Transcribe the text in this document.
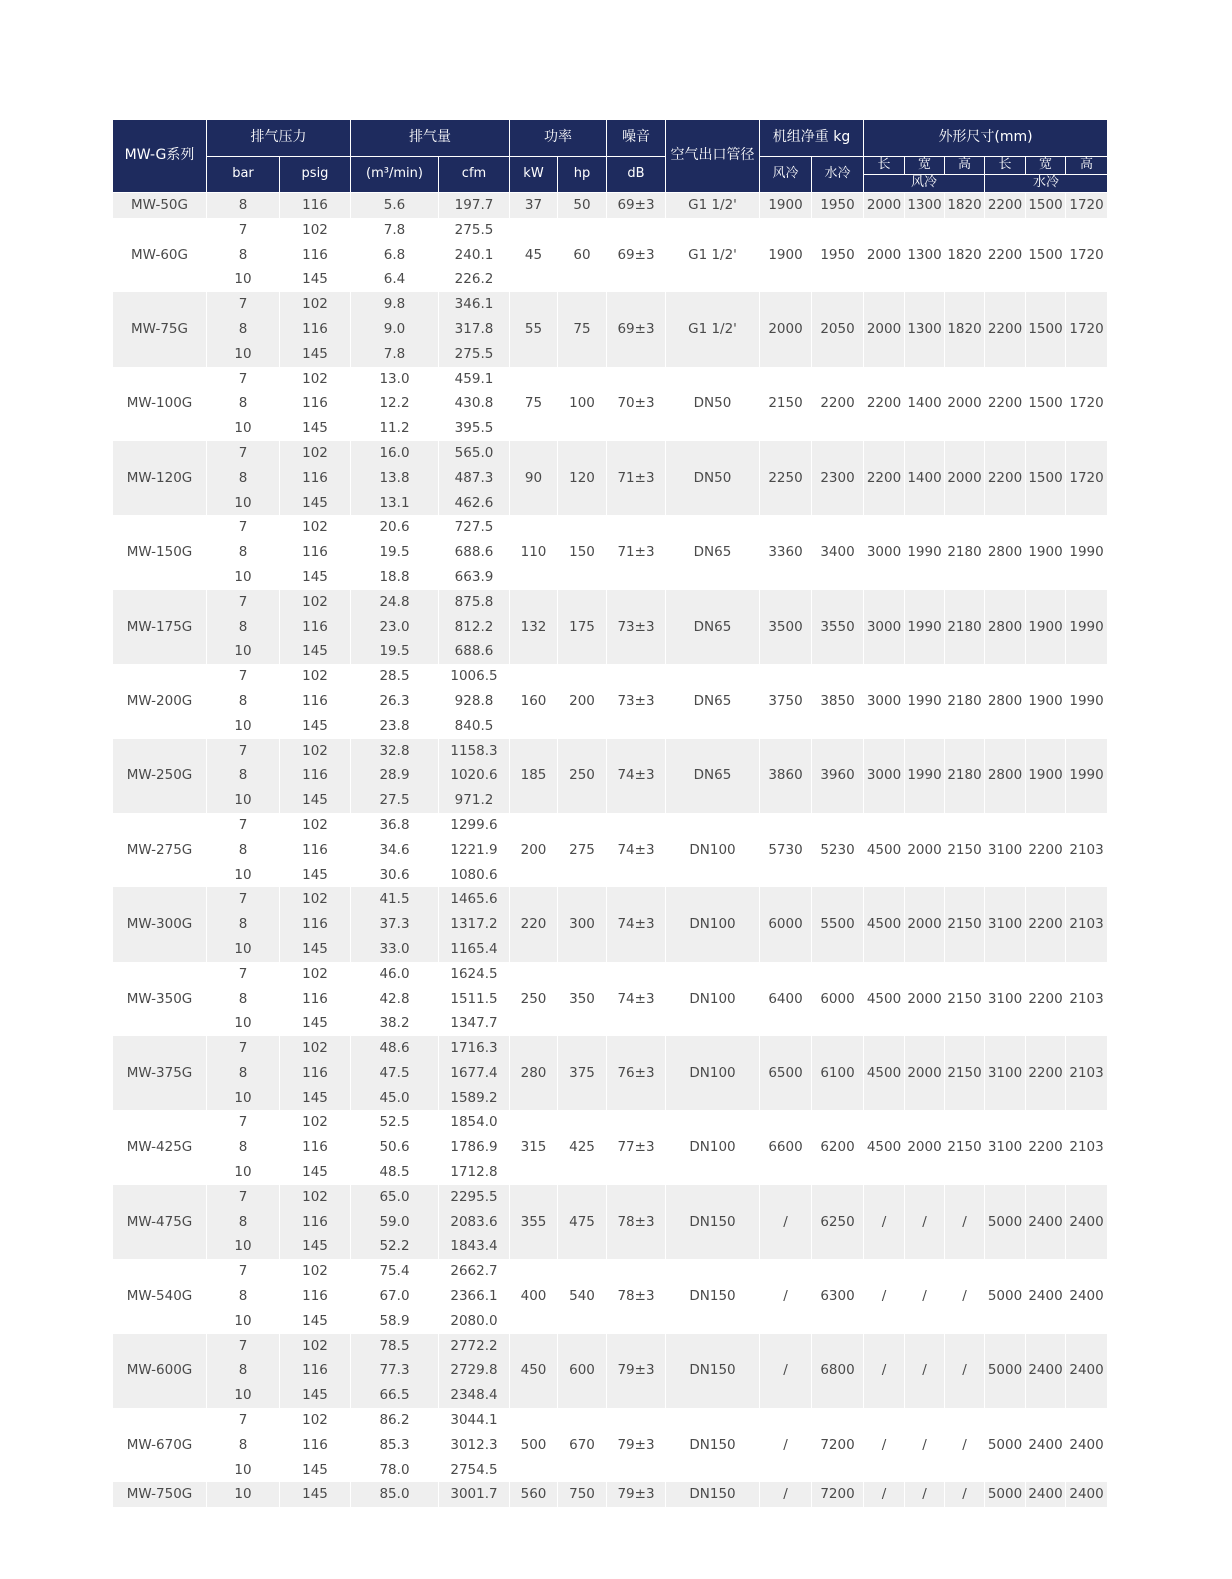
MW-G系列	排气压力		排气量		功率		噪音	空气出口管径	机组净重 kg		外形尺寸(mm)					
	bar	psig	(m³/min)	cfm	kW	hp	dB		风冷	水冷	长	宽	高	长	宽	高
											风冷			水冷		
MW-50G	8	116	5.6	197.7	37	50	69±3	G1 1/2'	1900	1950	2000	1300	1820	2200	1500	1720
MW-60G	7	102	7.8	275.5	45	60	69±3	G1 1/2'	1900	1950	2000	1300	1820	2200	1500	1720
	8	116	6.8	240.1												
	10	145	6.4	226.2												
MW-75G	7	102	9.8	346.1	55	75	69±3	G1 1/2'	2000	2050	2000	1300	1820	2200	1500	1720
	8	116	9.0	317.8												
	10	145	7.8	275.5												
MW-100G	7	102	13.0	459.1	75	100	70±3	DN50	2150	2200	2200	1400	2000	2200	1500	1720
	8	116	12.2	430.8												
	10	145	11.2	395.5												
MW-120G	7	102	16.0	565.0	90	120	71±3	DN50	2250	2300	2200	1400	2000	2200	1500	1720
	8	116	13.8	487.3												
	10	145	13.1	462.6												
MW-150G	7	102	20.6	727.5	110	150	71±3	DN65	3360	3400	3000	1990	2180	2800	1900	1990
	8	116	19.5	688.6												
	10	145	18.8	663.9												
MW-175G	7	102	24.8	875.8	132	175	73±3	DN65	3500	3550	3000	1990	2180	2800	1900	1990
	8	116	23.0	812.2												
	10	145	19.5	688.6												
MW-200G	7	102	28.5	1006.5	160	200	73±3	DN65	3750	3850	3000	1990	2180	2800	1900	1990
	8	116	26.3	928.8												
	10	145	23.8	840.5												
MW-250G	7	102	32.8	1158.3	185	250	74±3	DN65	3860	3960	3000	1990	2180	2800	1900	1990
	8	116	28.9	1020.6												
	10	145	27.5	971.2												
MW-275G	7	102	36.8	1299.6	200	275	74±3	DN100	5730	5230	4500	2000	2150	3100	2200	2103
	8	116	34.6	1221.9												
	10	145	30.6	1080.6												
MW-300G	7	102	41.5	1465.6	220	300	74±3	DN100	6000	5500	4500	2000	2150	3100	2200	2103
	8	116	37.3	1317.2												
	10	145	33.0	1165.4												
MW-350G	7	102	46.0	1624.5	250	350	74±3	DN100	6400	6000	4500	2000	2150	3100	2200	2103
	8	116	42.8	1511.5												
	10	145	38.2	1347.7												
MW-375G	7	102	48.6	1716.3	280	375	76±3	DN100	6500	6100	4500	2000	2150	3100	2200	2103
	8	116	47.5	1677.4												
	10	145	45.0	1589.2												
MW-425G	7	102	52.5	1854.0	315	425	77±3	DN100	6600	6200	4500	2000	2150	3100	2200	2103
	8	116	50.6	1786.9												
	10	145	48.5	1712.8												
MW-475G	7	102	65.0	2295.5	355	475	78±3	DN150	/	6250	/	/	/	5000	2400	2400
	8	116	59.0	2083.6												
	10	145	52.2	1843.4												
MW-540G	7	102	75.4	2662.7	400	540	78±3	DN150	/	6300	/	/	/	5000	2400	2400
	8	116	67.0	2366.1												
	10	145	58.9	2080.0												
MW-600G	7	102	78.5	2772.2	450	600	79±3	DN150	/	6800	/	/	/	5000	2400	2400
	8	116	77.3	2729.8												
	10	145	66.5	2348.4												
MW-670G	7	102	86.2	3044.1	500	670	79±3	DN150	/	7200	/	/	/	5000	2400	2400
	8	116	85.3	3012.3												
	10	145	78.0	2754.5												
MW-750G	10	145	85.0	3001.7	560	750	79±3	DN150	/	7200	/	/	/	5000	2400	2400
